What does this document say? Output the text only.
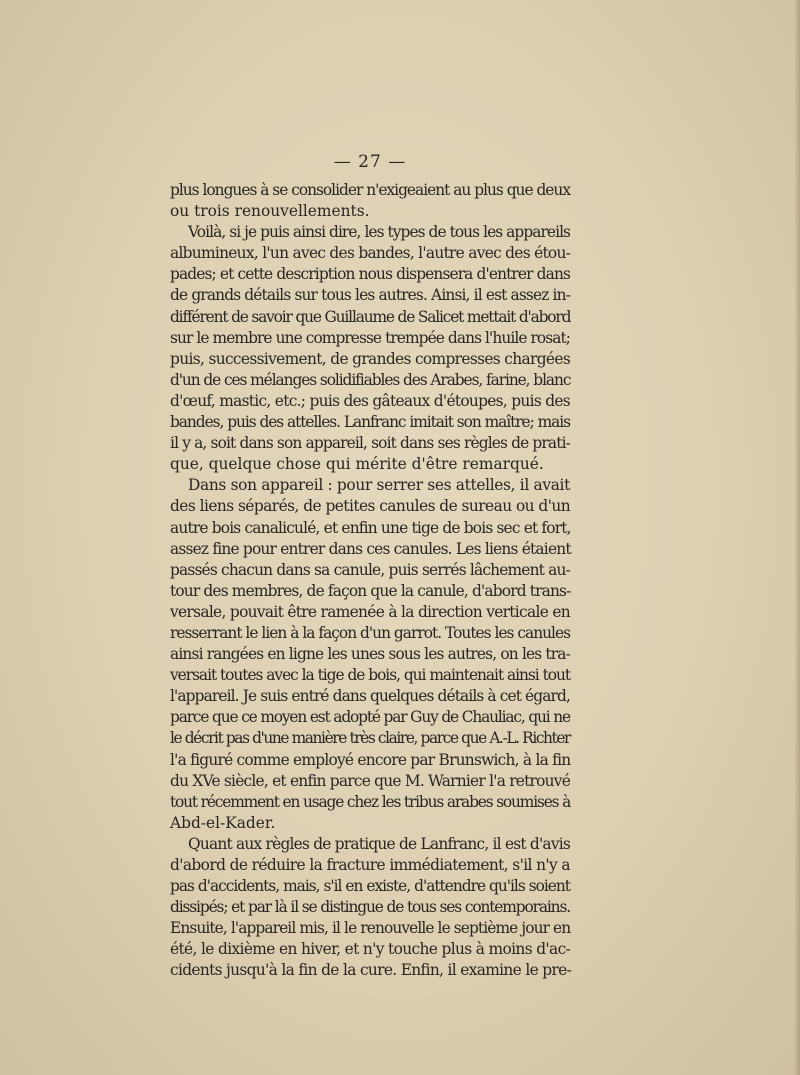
— 27 —
plus longues à se consolider n'exigeaient au plus que deux
ou trois renouvellements.
Voilà, si je puis ainsi dire, les types de tous les appareils
albumineux, l'un avec des bandes, l'autre avec des étou-
pades; et cette description nous dispensera d'entrer dans
de grands détails sur tous les autres. Ainsi, il est assez in-
différent de savoir que Guillaume de Salicet mettait d'abord
sur le membre une compresse trempée dans l'huile rosat;
puis, successivement, de grandes compresses chargées
d'un de ces mélanges solidifiables des Arabes, farine, blanc
d'œuf, mastic, etc.; puis des gâteaux d'étoupes, puis des
bandes, puis des attelles. Lanfranc imitait son maître; mais
il y a, soit dans son appareil, soit dans ses règles de prati-
que, quelque chose qui mérite d'être remarqué.
Dans son appareil : pour serrer ses attelles, il avait
des liens séparés, de petites canules de sureau ou d'un
autre bois canaliculé, et enfin une tige de bois sec et fort,
assez fine pour entrer dans ces canules. Les liens étaient
passés chacun dans sa canule, puis serrés lâchement au-
tour des membres, de façon que la canule, d'abord trans-
versale, pouvait être ramenée à la direction verticale en
resserrant le lien à la façon d'un garrot. Toutes les canules
ainsi rangées en ligne les unes sous les autres, on les tra-
versait toutes avec la tige de bois, qui maintenait ainsi tout
l'appareil. Je suis entré dans quelques détails à cet égard,
parce que ce moyen est adopté par Guy de Chauliac, qui ne
le décrit pas d'une manière très claire, parce que A.-L. Richter
l'a figuré comme employé encore par Brunswich, à la fin
du XVe siècle, et enfin parce que M. Warnier l'a retrouvé
tout récemment en usage chez les tribus arabes soumises à
Abd-el-Kader.
Quant aux règles de pratique de Lanfranc, il est d'avis
d'abord de réduire la fracture immédiatement, s'il n'y a
pas d'accidents, mais, s'il en existe, d'attendre qu'ils soient
dissipés; et par là il se distingue de tous ses contemporains.
Ensuite, l'appareil mis, il le renouvelle le septième jour en
été, le dixième en hiver, et n'y touche plus à moins d'ac-
cidents jusqu'à la fin de la cure. Enfin, il examine le pre-
